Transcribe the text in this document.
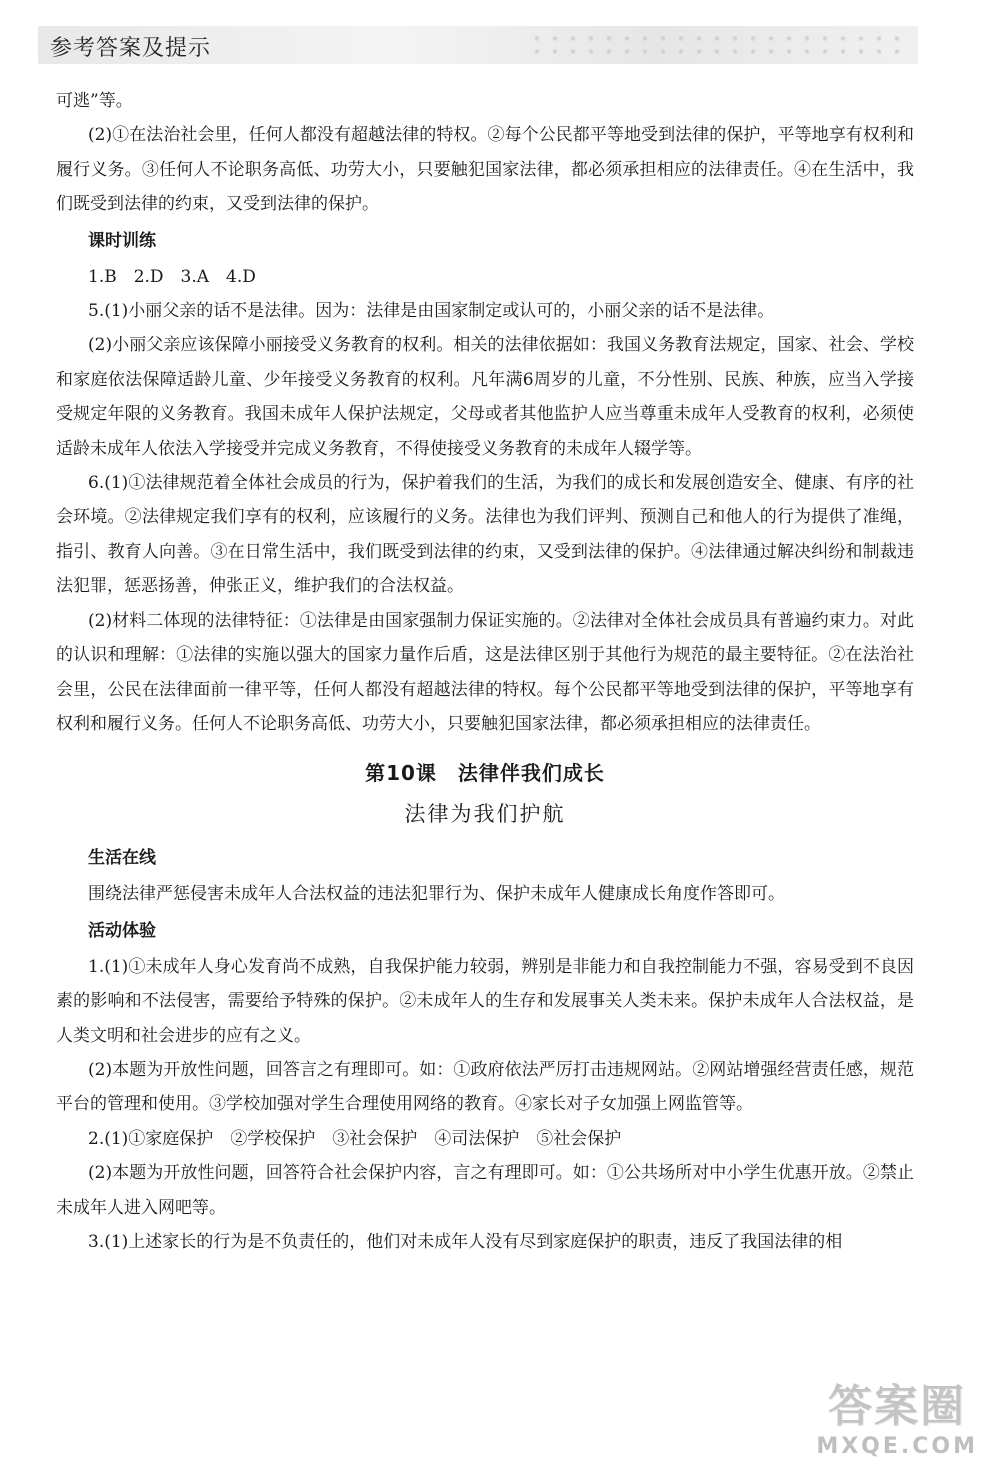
参考答案及提示

可逃”等。

(2)①在法治社会里，任何人都没有超越法律的特权。②每个公民都平等地受到法律的保护，平等地享有权利和履行义务。③任何人不论职务高低、功劳大小，只要触犯国家法律，都必须承担相应的法律责任。④在生活中，我们既受到法律的约束，又受到法律的保护。

课时训练

1.B　2.D　3.A　4.D

5.(1)小丽父亲的话不是法律。因为：法律是由国家制定或认可的，小丽父亲的话不是法律。

(2)小丽父亲应该保障小丽接受义务教育的权利。相关的法律依据如：我国义务教育法规定，国家、社会、学校和家庭依法保障适龄儿童、少年接受义务教育的权利。凡年满6周岁的儿童，不分性别、民族、种族，应当入学接受规定年限的义务教育。我国未成年人保护法规定，父母或者其他监护人应当尊重未成年人受教育的权利，必须使适龄未成年人依法入学接受并完成义务教育，不得使接受义务教育的未成年人辍学等。

6.(1)①法律规范着全体社会成员的行为，保护着我们的生活，为我们的成长和发展创造安全、健康、有序的社会环境。②法律规定我们享有的权利，应该履行的义务。法律也为我们评判、预测自己和他人的行为提供了准绳，指引、教育人向善。③在日常生活中，我们既受到法律的约束，又受到法律的保护。④法律通过解决纠纷和制裁违法犯罪，惩恶扬善，伸张正义，维护我们的合法权益。

(2)材料二体现的法律特征：①法律是由国家强制力保证实施的。②法律对全体社会成员具有普遍约束力。对此的认识和理解：①法律的实施以强大的国家力量作后盾，这是法律区别于其他行为规范的最主要特征。②在法治社会里，公民在法律面前一律平等，任何人都没有超越法律的特权。每个公民都平等地受到法律的保护，平等地享有权利和履行义务。任何人不论职务高低、功劳大小，只要触犯国家法律，都必须承担相应的法律责任。

第10课　法律伴我们成长
法律为我们护航
生活在线

围绕法律严惩侵害未成年人合法权益的违法犯罪行为、保护未成年人健康成长角度作答即可。

活动体验

1.(1)①未成年人身心发育尚不成熟，自我保护能力较弱，辨别是非能力和自我控制能力不强，容易受到不良因素的影响和不法侵害，需要给予特殊的保护。②未成年人的生存和发展事关人类未来。保护未成年人合法权益，是人类文明和社会进步的应有之义。

(2)本题为开放性问题，回答言之有理即可。如：①政府依法严厉打击违规网站。②网站增强经营责任感，规范平台的管理和使用。③学校加强对学生合理使用网络的教育。④家长对子女加强上网监管等。

2.(1)①家庭保护　②学校保护　③社会保护　④司法保护　⑤社会保护

(2)本题为开放性问题，回答符合社会保护内容，言之有理即可。如：①公共场所对中小学生优惠开放。②禁止未成年人进入网吧等。

3.(1)上述家长的行为是不负责任的，他们对未成年人没有尽到家庭保护的职责，违反了我国法律的相

答案圈
MXQE.COM
